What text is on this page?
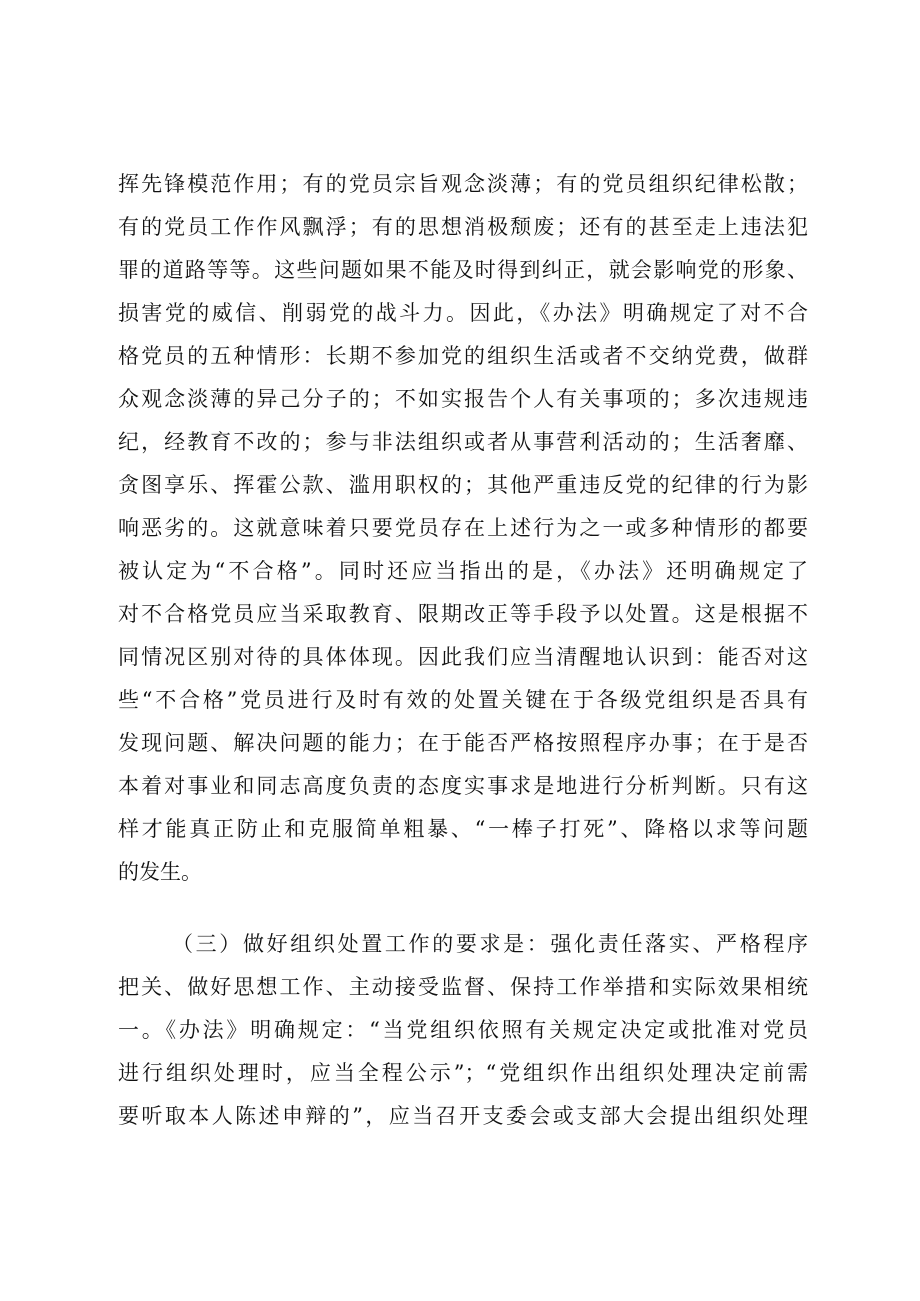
挥先锋模范作用；有的党员宗旨观念淡薄；有的党员组织纪律松散；
有的党员工作作风飘浮；有的思想消极颓废；还有的甚至走上违法犯
罪的道路等等。这些问题如果不能及时得到纠正，就会影响党的形象、
损害党的威信、削弱党的战斗力。因此，《办法》明确规定了对不合
格党员的五种情形：长期不参加党的组织生活或者不交纳党费，做群
众观念淡薄的异己分子的；不如实报告个人有关事项的；多次违规违
纪，经教育不改的；参与非法组织或者从事营利活动的；生活奢靡、
贪图享乐、挥霍公款、滥用职权的；其他严重违反党的纪律的行为影
响恶劣的。这就意味着只要党员存在上述行为之一或多种情形的都要
被认定为“不合格”。同时还应当指出的是，《办法》还明确规定了
对不合格党员应当采取教育、限期改正等手段予以处置。这是根据不
同情况区别对待的具体体现。因此我们应当清醒地认识到：能否对这
些“不合格”党员进行及时有效的处置关键在于各级党组织是否具有
发现问题、解决问题的能力；在于能否严格按照程序办事；在于是否
本着对事业和同志高度负责的态度实事求是地进行分析判断。只有这
样才能真正防止和克服简单粗暴、“一棒子打死”、降格以求等问题
的发生。
（三）做好组织处置工作的要求是：强化责任落实、严格程序
把关、做好思想工作、主动接受监督、保持工作举措和实际效果相统
一。《办法》明确规定：“当党组织依照有关规定决定或批准对党员
进行组织处理时，应当全程公示”；“党组织作出组织处理决定前需
要听取本人陈述申辩的”，应当召开支委会或支部大会提出组织处理
